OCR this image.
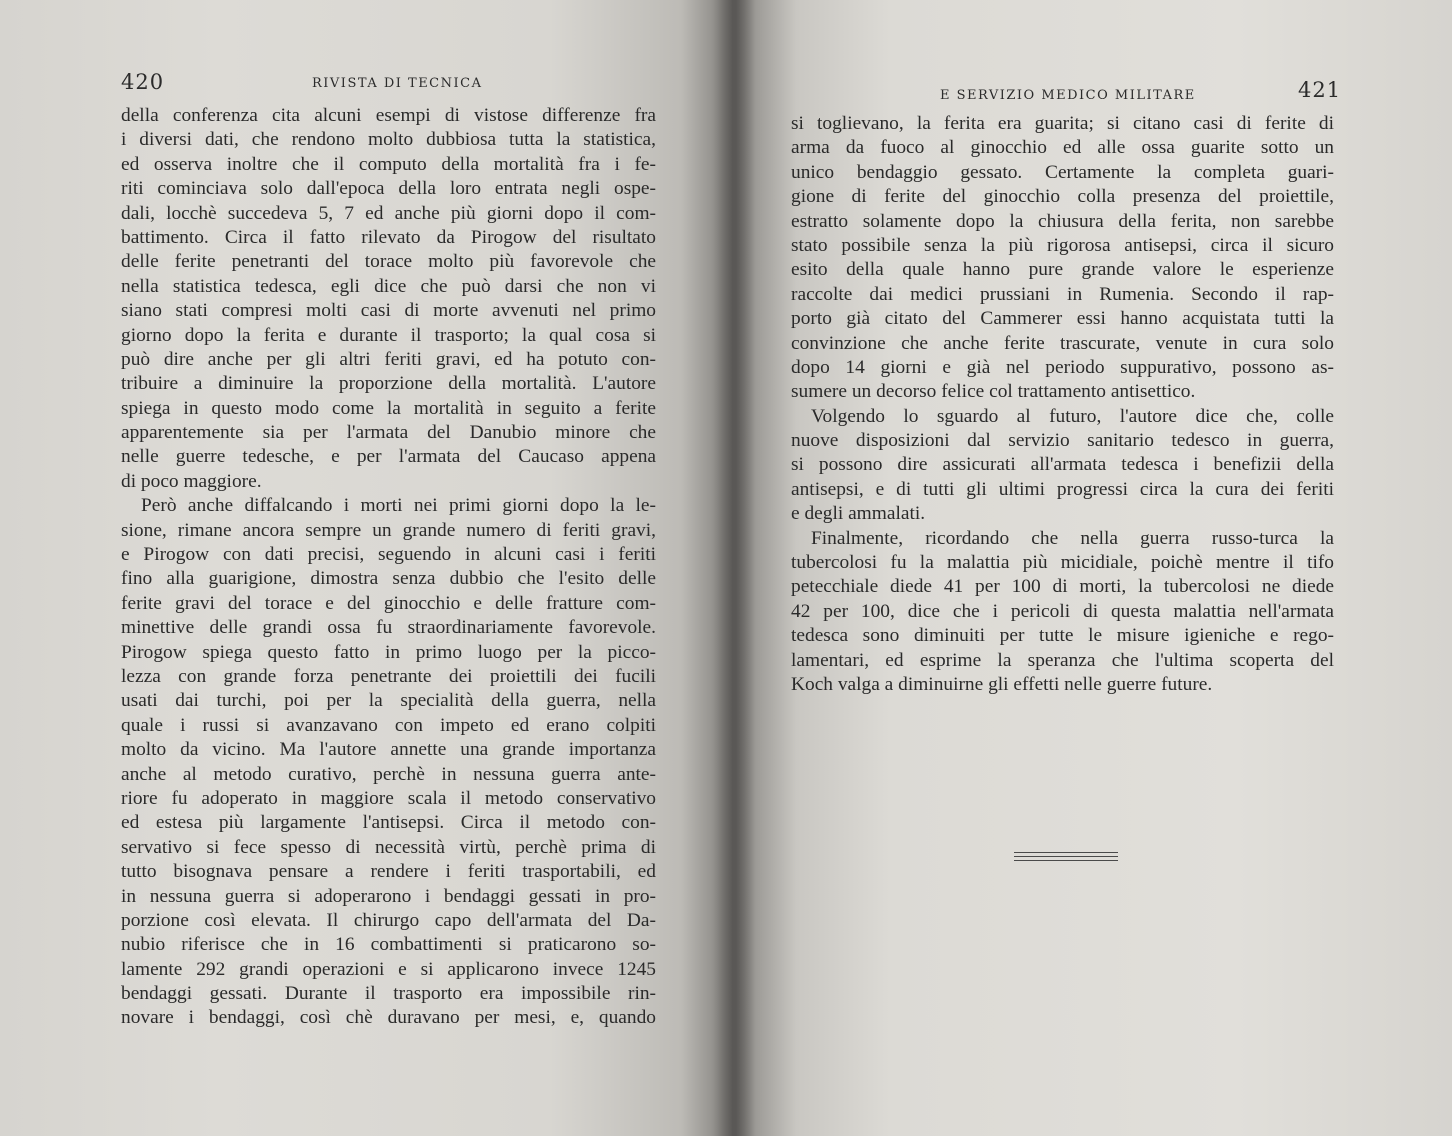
420	RIVISTA DI TECNICA
della conferenza cita alcuni esempi di vistose differenze fra
i diversi dati, che rendono molto dubbiosa tutta la statistica,
ed osserva inoltre che il computo della mortalità fra i fe-
riti cominciava solo dall'epoca della loro entrata negli ospe-
dali, locchè succedeva 5, 7 ed anche più giorni dopo il com-
battimento. Circa il fatto rilevato da Pirogow del risultato
delle ferite penetranti del torace molto più favorevole che
nella statistica tedesca, egli dice che può darsi che non vi
siano stati compresi molti casi di morte avvenuti nel primo
giorno dopo la ferita e durante il trasporto; la qual cosa si
può dire anche per gli altri feriti gravi, ed ha potuto con-
tribuire a diminuire la proporzione della mortalità. L'autore
spiega in questo modo come la mortalità in seguito a ferite
apparentemente sia per l'armata del Danubio minore che
nelle guerre tedesche, e per l'armata del Caucaso appena
di poco maggiore.
Però anche diffalcando i morti nei primi giorni dopo la le-
sione, rimane ancora sempre un grande numero di feriti gravi,
e Pirogow con dati precisi, seguendo in alcuni casi i feriti
fino alla guarigione, dimostra senza dubbio che l'esito delle
ferite gravi del torace e del ginocchio e delle fratture com-
minettive delle grandi ossa fu straordinariamente favorevole.
Pirogow spiega questo fatto in primo luogo per la picco-
lezza con grande forza penetrante dei proiettili dei fucili
usati dai turchi, poi per la specialità della guerra, nella
quale i russi si avanzavano con impeto ed erano colpiti
molto da vicino. Ma l'autore annette una grande importanza
anche al metodo curativo, perchè in nessuna guerra ante-
riore fu adoperato in maggiore scala il metodo conservativo
ed estesa più largamente l'antisepsi. Circa il metodo con-
servativo si fece spesso di necessità virtù, perchè prima di
tutto bisognava pensare a rendere i feriti trasportabili, ed
in nessuna guerra si adoperarono i bendaggi gessati in pro-
porzione così elevata. Il chirurgo capo dell'armata del Da-
nubio riferisce che in 16 combattimenti si praticarono so-
lamente 292 grandi operazioni e si applicarono invece 1245
bendaggi gessati. Durante il trasporto era impossibile rin-
novare i bendaggi, così chè duravano per mesi, e, quando
E SERVIZIO MEDICO MILITARE	421
si toglievano, la ferita era guarita; si citano casi di ferite di
arma da fuoco al ginocchio ed alle ossa guarite sotto un
unico bendaggio gessato. Certamente la completa guari-
gione di ferite del ginocchio colla presenza del proiettile,
estratto solamente dopo la chiusura della ferita, non sarebbe
stato possibile senza la più rigorosa antisepsi, circa il sicuro
esito della quale hanno pure grande valore le esperienze
raccolte dai medici prussiani in Rumenia. Secondo il rap-
porto già citato del Cammerer essi hanno acquistata tutti la
convinzione che anche ferite trascurate, venute in cura solo
dopo 14 giorni e già nel periodo suppurativo, possono as-
sumere un decorso felice col trattamento antisettico.
Volgendo lo sguardo al futuro, l'autore dice che, colle
nuove disposizioni dal servizio sanitario tedesco in guerra,
si possono dire assicurati all'armata tedesca i benefizii della
antisepsi, e di tutti gli ultimi progressi circa la cura dei feriti
e degli ammalati.
Finalmente, ricordando che nella guerra russo-turca la
tubercolosi fu la malattia più micidiale, poichè mentre il tifo
petecchiale diede 41 per 100 di morti, la tubercolosi ne diede
42 per 100, dice che i pericoli di questa malattia nell'armata
tedesca sono diminuiti per tutte le misure igieniche e rego-
lamentari, ed esprime la speranza che l'ultima scoperta del
Koch valga a diminuirne gli effetti nelle guerre future.
